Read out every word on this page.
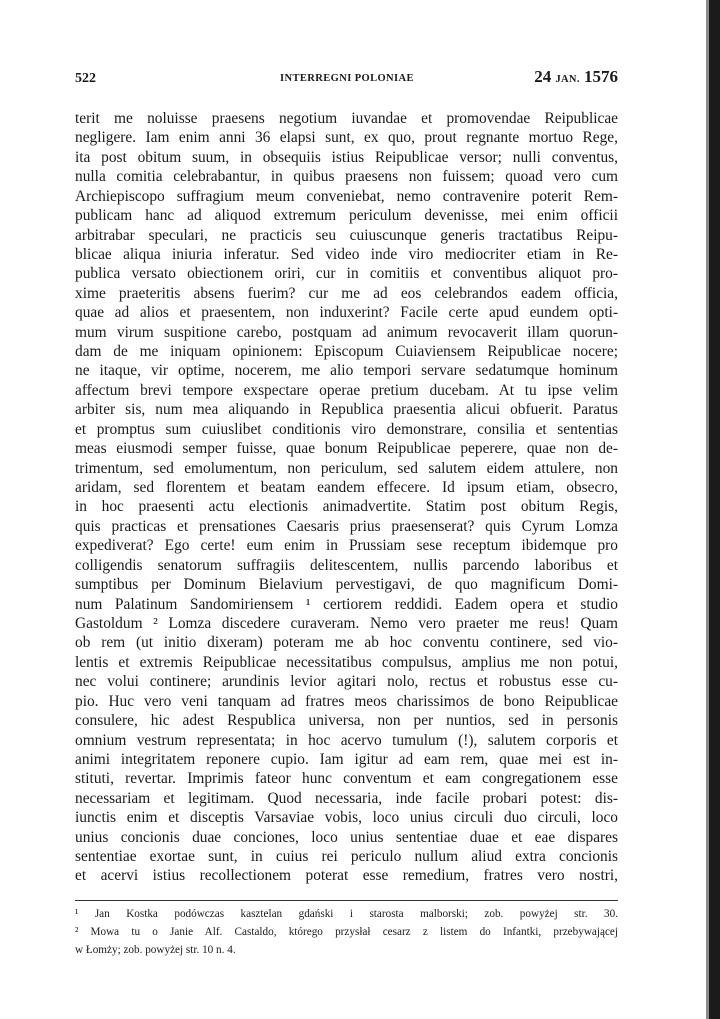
522	INTERREGNI POLONIAE	24 JAN. 1576
terit me noluisse praesens negotium iuvandae et promovendae Reipublicae
negligere. Iam enim anni 36 elapsi sunt, ex quo, prout regnante mortuo Rege,
ita post obitum suum, in obsequiis istius Reipublicae versor; nulli conventus,
nulla comitia celebrabantur, in quibus praesens non fuissem; quoad vero cum
Archiepiscopo suffragium meum conveniebat, nemo contravenire poterit Rem-
publicam hanc ad aliquod extremum periculum devenisse, mei enim officii
arbitrabar speculari, ne practicis seu cuiuscunque generis tractatibus Reipu-
blicae aliqua iniuria inferatur. Sed video inde viro mediocriter etiam in Re-
publica versato obiectionem oriri, cur in comitiis et conventibus aliquot pro-
xime praeteritis absens fuerim? cur me ad eos celebrandos eadem officia,
quae ad alios et praesentem, non induxerint? Facile certe apud eundem opti-
mum virum suspitione carebo, postquam ad animum revocaverit illam quorun-
dam de me iniquam opinionem: Episcopum Cuiaviensem Reipublicae nocere;
ne itaque, vir optime, nocerem, me alio tempori servare sedatumque hominum
affectum brevi tempore exspectare operae pretium ducebam. At tu ipse velim
arbiter sis, num mea aliquando in Republica praesentia alicui obfuerit. Paratus
et promptus sum cuiuslibet conditionis viro demonstrare, consilia et sententias
meas eiusmodi semper fuisse, quae bonum Reipublicae peperere, quae non de-
trimentum, sed emolumentum, non periculum, sed salutem eidem attulere, non
aridam, sed florentem et beatam eandem effecere. Id ipsum etiam, obsecro,
in hoc praesenti actu electionis animadvertite. Statim post obitum Regis,
quis practicas et prensationes Caesaris prius praesenserat? quis Cyrum Lomza
expediverat? Ego certe! eum enim in Prussiam sese receptum ibidemque pro
colligendis senatorum suffragiis delitescentem, nullis parcendo laboribus et
sumptibus per Dominum Bielavium pervestigavi, de quo magnificum Domi-
num Palatinum Sandomiriensem ¹ certiorem reddidi. Eadem opera et studio
Gastoldum ² Lomza discedere curaveram. Nemo vero praeter me reus! Quam
ob rem (ut initio dixeram) poteram me ab hoc conventu continere, sed vio-
lentis et extremis Reipublicae necessitatibus compulsus, amplius me non potui,
nec volui continere; arundinis levior agitari nolo, rectus et robustus esse cu-
pio. Huc vero veni tanquam ad fratres meos charissimos de bono Reipublicae
consulere, hic adest Respublica universa, non per nuntios, sed in personis
omnium vestrum representata; in hoc acervo tumulum (!), salutem corporis et
animi integritatem reponere cupio. Iam igitur ad eam rem, quae mei est in-
stituti, revertar. Imprimis fateor hunc conventum et eam congregationem esse
necessariam et legitimam. Quod necessaria, inde facile probari potest: dis-
iunctis enim et disceptis Varsaviae vobis, loco unius circuli duo circuli, loco
unius concionis duae conciones, loco unius sententiae duae et eae dispares
sententiae exortae sunt, in cuius rei periculo nullum aliud extra concionis
et acervi istius recollectionem poterat esse remedium, fratres vero nostri,
¹ Jan Kostka podówczas kasztelan gdański i starosta malborski; zob. powyżej str. 30.
² Mowa tu o Janie Alf. Castaldo, którego przysłał cesarz z listem do Infantki, przebywającej
w Łomży; zob. powyżej str. 10 n. 4.
